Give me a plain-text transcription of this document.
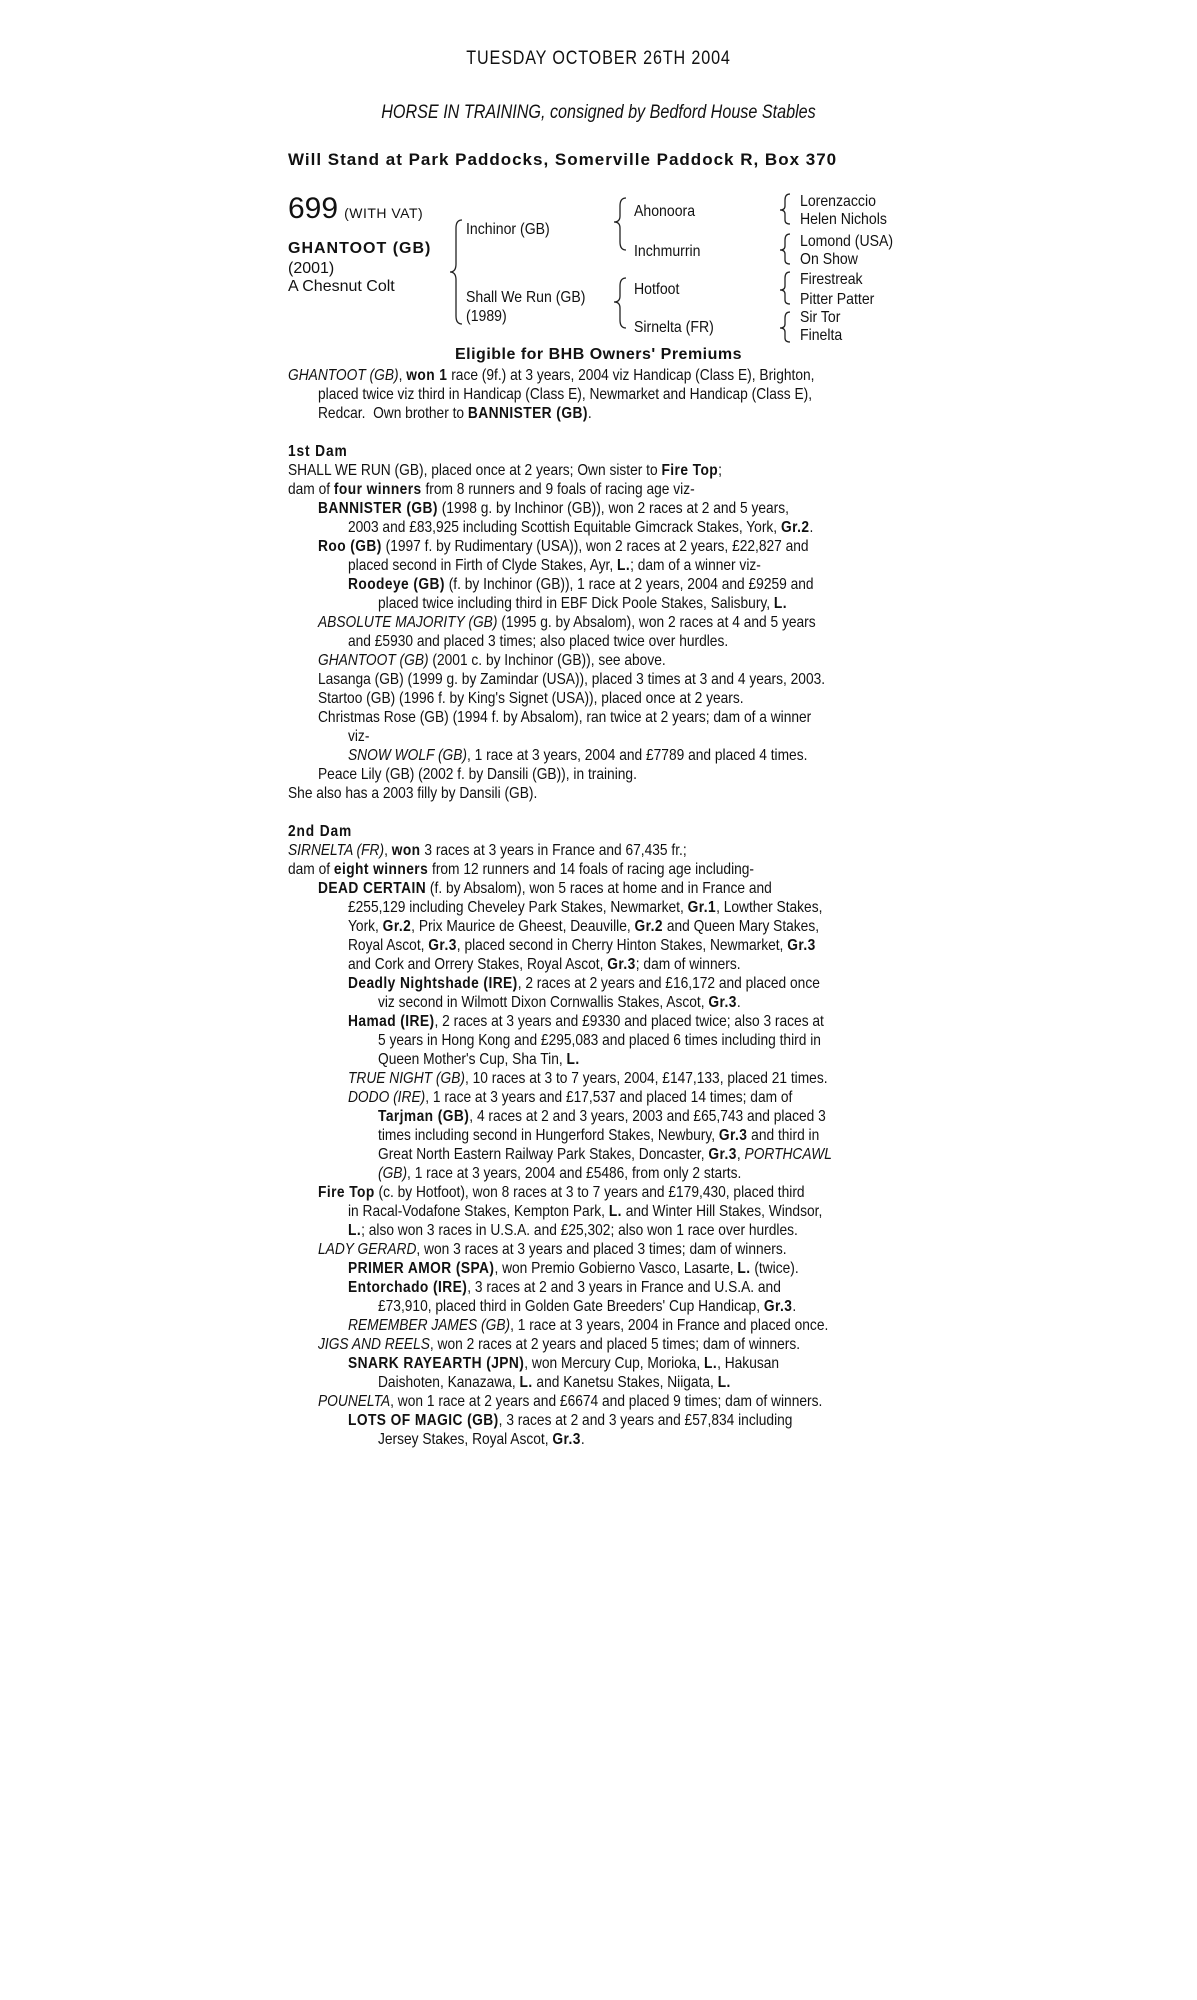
TUESDAY OCTOBER 26TH 2004
HORSE IN TRAINING, consigned by Bedford House Stables
Will Stand at Park Paddocks, Somerville Paddock R, Box 370
699 (WITH VAT)
GHANTOOT (GB)
(2001)
A Chesnut Colt
Inchinor (GB)
Shall We Run (GB)
(1989)
Ahonoora
Inchmurrin
Hotfoot
Sirnelta (FR)
Lorenzaccio
Helen Nichols
Lomond (USA)
On Show
Firestreak
Pitter Patter
Sir Tor
Finelta
Eligible for BHB Owners' Premiums
GHANTOOT (GB), won 1 race (9f.) at 3 years, 2004 viz Handicap (Class E), Brighton,
placed twice viz third in Handicap (Class E), Newmarket and Handicap (Class E),
Redcar.  Own brother to BANNISTER (GB).

1st Dam
SHALL WE RUN (GB), placed once at 2 years; Own sister to Fire Top;
dam of four winners from 8 runners and 9 foals of racing age viz-
BANNISTER (GB) (1998 g. by Inchinor (GB)), won 2 races at 2 and 5 years,
2003 and £83,925 including Scottish Equitable Gimcrack Stakes, York, Gr.2.
Roo (GB) (1997 f. by Rudimentary (USA)), won 2 races at 2 years, £22,827 and
placed second in Firth of Clyde Stakes, Ayr, L.; dam of a winner viz-
Roodeye (GB) (f. by Inchinor (GB)), 1 race at 2 years, 2004 and £9259 and
placed twice including third in EBF Dick Poole Stakes, Salisbury, L.
ABSOLUTE MAJORITY (GB) (1995 g. by Absalom), won 2 races at 4 and 5 years
and £5930 and placed 3 times; also placed twice over hurdles.
GHANTOOT (GB) (2001 c. by Inchinor (GB)), see above.
Lasanga (GB) (1999 g. by Zamindar (USA)), placed 3 times at 3 and 4 years, 2003.
Startoo (GB) (1996 f. by King's Signet (USA)), placed once at 2 years.
Christmas Rose (GB) (1994 f. by Absalom), ran twice at 2 years; dam of a winner
viz-
SNOW WOLF (GB), 1 race at 3 years, 2004 and £7789 and placed 4 times.
Peace Lily (GB) (2002 f. by Dansili (GB)), in training.
She also has a 2003 filly by Dansili (GB).

2nd Dam
SIRNELTA (FR), won 3 races at 3 years in France and 67,435 fr.;
dam of eight winners from 12 runners and 14 foals of racing age including-
DEAD CERTAIN (f. by Absalom), won 5 races at home and in France and
£255,129 including Cheveley Park Stakes, Newmarket, Gr.1, Lowther Stakes,
York, Gr.2, Prix Maurice de Gheest, Deauville, Gr.2 and Queen Mary Stakes,
Royal Ascot, Gr.3, placed second in Cherry Hinton Stakes, Newmarket, Gr.3
and Cork and Orrery Stakes, Royal Ascot, Gr.3; dam of winners.
Deadly Nightshade (IRE), 2 races at 2 years and £16,172 and placed once
viz second in Wilmott Dixon Cornwallis Stakes, Ascot, Gr.3.
Hamad (IRE), 2 races at 3 years and £9330 and placed twice; also 3 races at
5 years in Hong Kong and £295,083 and placed 6 times including third in
Queen Mother's Cup, Sha Tin, L.
TRUE NIGHT (GB), 10 races at 3 to 7 years, 2004, £147,133, placed 21 times.
DODO (IRE), 1 race at 3 years and £17,537 and placed 14 times; dam of
Tarjman (GB), 4 races at 2 and 3 years, 2003 and £65,743 and placed 3
times including second in Hungerford Stakes, Newbury, Gr.3 and third in
Great North Eastern Railway Park Stakes, Doncaster, Gr.3, PORTHCAWL
(GB), 1 race at 3 years, 2004 and £5486, from only 2 starts.
Fire Top (c. by Hotfoot), won 8 races at 3 to 7 years and £179,430, placed third
in Racal-Vodafone Stakes, Kempton Park, L. and Winter Hill Stakes, Windsor,
L.; also won 3 races in U.S.A. and £25,302; also won 1 race over hurdles.
LADY GERARD, won 3 races at 3 years and placed 3 times; dam of winners.
PRIMER AMOR (SPA), won Premio Gobierno Vasco, Lasarte, L. (twice).
Entorchado (IRE), 3 races at 2 and 3 years in France and U.S.A. and
£73,910, placed third in Golden Gate Breeders' Cup Handicap, Gr.3.
REMEMBER JAMES (GB), 1 race at 3 years, 2004 in France and placed once.
JIGS AND REELS, won 2 races at 2 years and placed 5 times; dam of winners.
SNARK RAYEARTH (JPN), won Mercury Cup, Morioka, L., Hakusan
Daishoten, Kanazawa, L. and Kanetsu Stakes, Niigata, L.
POUNELTA, won 1 race at 2 years and £6674 and placed 9 times; dam of winners.
LOTS OF MAGIC (GB), 3 races at 2 and 3 years and £57,834 including
Jersey Stakes, Royal Ascot, Gr.3.
